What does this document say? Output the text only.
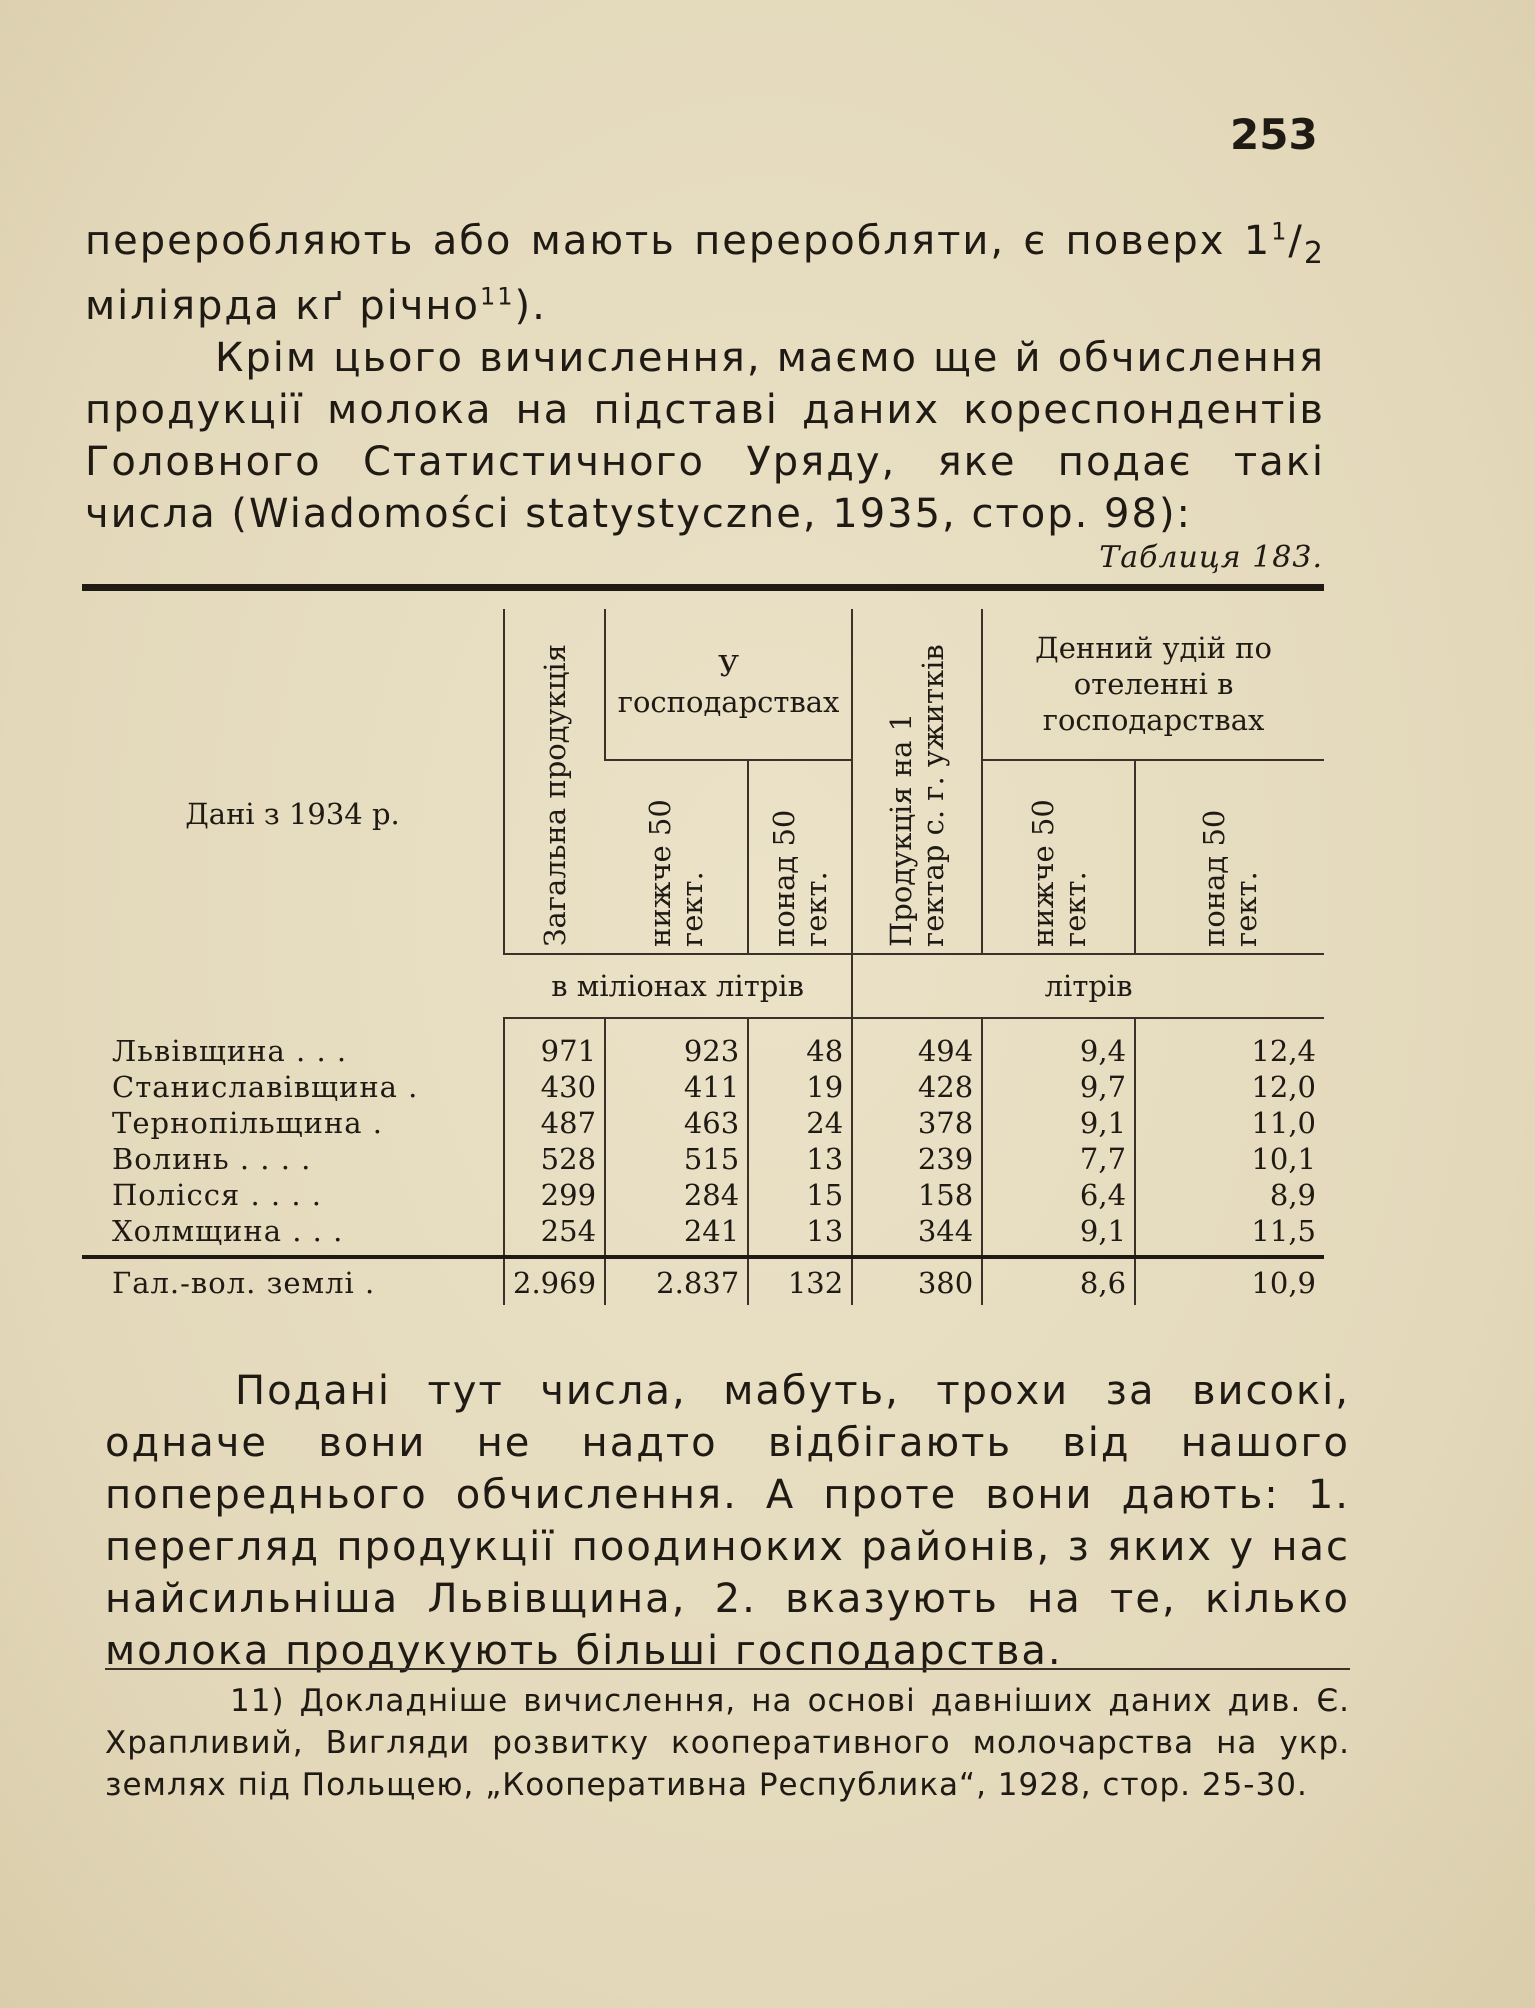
253

переробляють або мають переробляти, є поверх $1^1/_2$ міліярда кґ річно$^{11}$).

Крім цього вичислення, маємо ще й обчислення продукції молока на підставі даних кореспондентів Головного Статистичного Уряду, яке подає такі числа (Wiadomości statystyczne, 1935, стор. 98):

Таблиця 183.
Дані з 1934 р.	Загальна продукція	У господарствах		Продукція на 1 гектар с. г. ужитків	Денний удій по отеленні в господарствах	

		нижче 50 гект.	понад 50 гект.		нижче 50 гект.	понад 50 гект.

	в міліонах літрів			літрів		
Львівщина . . .	971	923	48	494	9,4	12,4
Станиславівщина .	430	411	19	428	9,7	12,0
Тернопільщина .	487	463	24	378	9,1	11,0
Волинь . . . .	528	515	13	239	7,7	10,1
Полісся . . . .	299	284	15	158	6,4	8,9
Холмщина . . .	254	241	13	344	9,1	11,5
Гал.-вол. землі .	2.969	2.837	132	380	8,6	10,9
Подані тут числа, мабуть, трохи за високі, одначе вони не надто відбігають від нашого попереднього обчислення. А проте вони дають: 1. перегляд продукції поодиноких районів, з яких у нас найсильніша Львівщина, 2. вказують на те, кілько молока продукують більші господарства.
11) Докладніше вичислення, на основі давніших даних див. Є. Храпливий, Вигляди розвитку кооперативного молочарства на укр. землях під Польщею, „Кооперативна Республика“, 1928, стор. 25-30.
